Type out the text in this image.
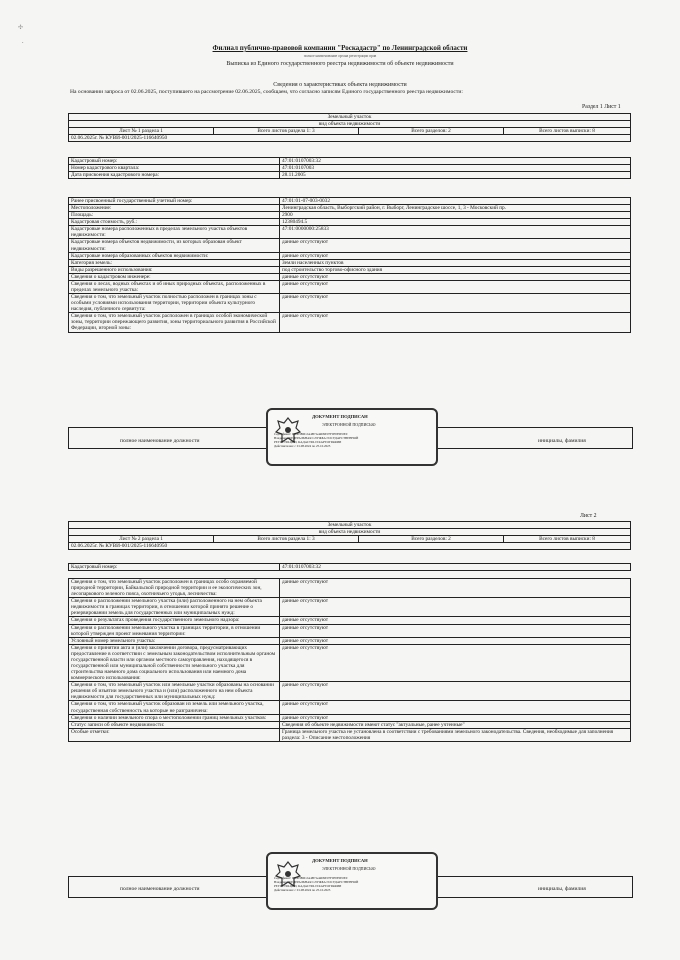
✣
•
Филиал публично-правовой компании "Роскадастр" по Ленинградской области
полное наименование органа регистрации прав
Выписка из Единого государственного реестра недвижимости об объекте недвижимости
Сведения о характеристиках объекта недвижимости
На основании запроса от 02.06.2025, поступившего на рассмотрение 02.06.2025, сообщаем, что согласно записям Единого государственного реестра недвижимости:
Раздел 1 Лист 1
Земельный участок
вид объекта недвижимости
Лист № 1 раздела 1	Всего листов раздела 1: 3	Всего разделов: 2	Всего листов выписки: 8
02.06.2025г. № КУВИ-001/2025-116640950
Кадастровый номер:	47:01:0107003:32
Номер кадастрового квартала:	47:01:0107003
Дата присвоения кадастрового номера:	28.11.2005
Ранее присвоенный государственный учетный номер:	47:01:01-07-003-0032
Местоположение:	Ленинградская область, Выборгский район, г. Выборг, Ленинградское шоссе, 1, 3 - Московский пр.
Площадь:	2900
Кадастровая стоимость, руб.:	12380494.5
Кадастровые номера расположенных в пределах земельного участка объектов недвижимости:	47:01:0000000:25833
Кадастровые номера объектов недвижимости, из которых образован объект недвижимости:	данные отсутствуют
Кадастровые номера образованных объектов недвижимости:	данные отсутствуют
Категория земель:	Земли населенных пунктов
Виды разрешенного использования:	под строительство торгово-офисного здания
Сведения о кадастровом инженере:	данные отсутствуют
Сведения о лесах, водных объектах и об иных природных объектах, расположенных в пределах земельного участка:	данные отсутствуют
Сведения о том, что земельный участок полностью расположен в границах зоны с особыми условиями использования территории, территории объекта культурного наследия, публичного сервитута:	данные отсутствуют
Сведения о том, что земельный участок расположен в границах особой экономической зоны, территории опережающего развития, зоны территориального развития в Российской Федерации, игорной зоны:	данные отсутствуют
полное наименование должности	инициалы, фамилия
ДОКУМЕНТ ПОДПИСАН
ЭЛЕКТРОННОЙ ПОДПИСЬЮ
Сертификат: 00D03B0C2A4B7A44D9E07F0F0F0E0E0
Владелец: ФЕДЕРАЛЬНАЯ СЛУЖБА ГОСУДАРСТВЕННОЙ
РЕГИСТРАЦИИ, КАДАСТРА И КАРТОГРАФИИ
Действителен: с 01.08.2024 по 25.10.2025
Лист 2
Земельный участок
вид объекта недвижимости
Лист № 2 раздела 1	Всего листов раздела 1: 3	Всего разделов: 2	Всего листов выписки: 8
02.06.2025г. № КУВИ-001/2025-116640950
Кадастровый номер:	47:01:0107003:32
Сведения о том, что земельный участок расположен в границах особо охраняемой природной территории, Байкальской природной территории и ее экологических зон, лесопаркового зеленого пояса, охотничьего угодья, лесничества:	данные отсутствуют
Сведения о расположении земельного участка (или) расположенного на нем объекта недвижимости в границах территории, в отношении которой принято решение о резервировании земель для государственных или муниципальных нужд:	данные отсутствуют
Сведения о результатах проведения государственного земельного надзора:	данные отсутствуют
Сведения о расположении земельного участка в границах территории, в отношении которой утвержден проект межевания территории:	данные отсутствуют
Условный номер земельного участка:	данные отсутствуют
Сведения о принятии акта и (или) заключении договора, предусматривающих предоставление в соответствии с земельным законодательством исполнительным органом государственной власти или органом местного самоуправления, находящегося в государственной или муниципальной собственности земельного участка для строительства наемного дома социального использования или наемного дома коммерческого использования:	данные отсутствуют
Сведения о том, что земельный участок или земельные участки образованы на основании решения об изъятии земельного участка и (или) расположенного на нем объекта недвижимости для государственных или муниципальных нужд:	данные отсутствуют
Сведения о том, что земельный участок образован из земель или земельного участка, государственная собственность на которые не разграничена:	данные отсутствуют
Сведения о наличии земельного спора о местоположении границ земельных участков:	данные отсутствуют
Статус записи об объекте недвижимости:	Сведения об объекте недвижимости имеют статус "актуальные, ранее учтенные"
Особые отметки:	Граница земельного участка не установлена в соответствии с требованиями земельного законодательства. Сведения, необходимые для заполнения раздела: 3 - Описание местоположения
полное наименование должности	инициалы, фамилия
ДОКУМЕНТ ПОДПИСАН
ЭЛЕКТРОННОЙ ПОДПИСЬЮ
Сертификат: 00D03B0C2A4B7A44D9E07F0F0F0E0E0
Владелец: ФЕДЕРАЛЬНАЯ СЛУЖБА ГОСУДАРСТВЕННОЙ
РЕГИСТРАЦИИ, КАДАСТРА И КАРТОГРАФИИ
Действителен: с 01.08.2024 по 25.10.2025
